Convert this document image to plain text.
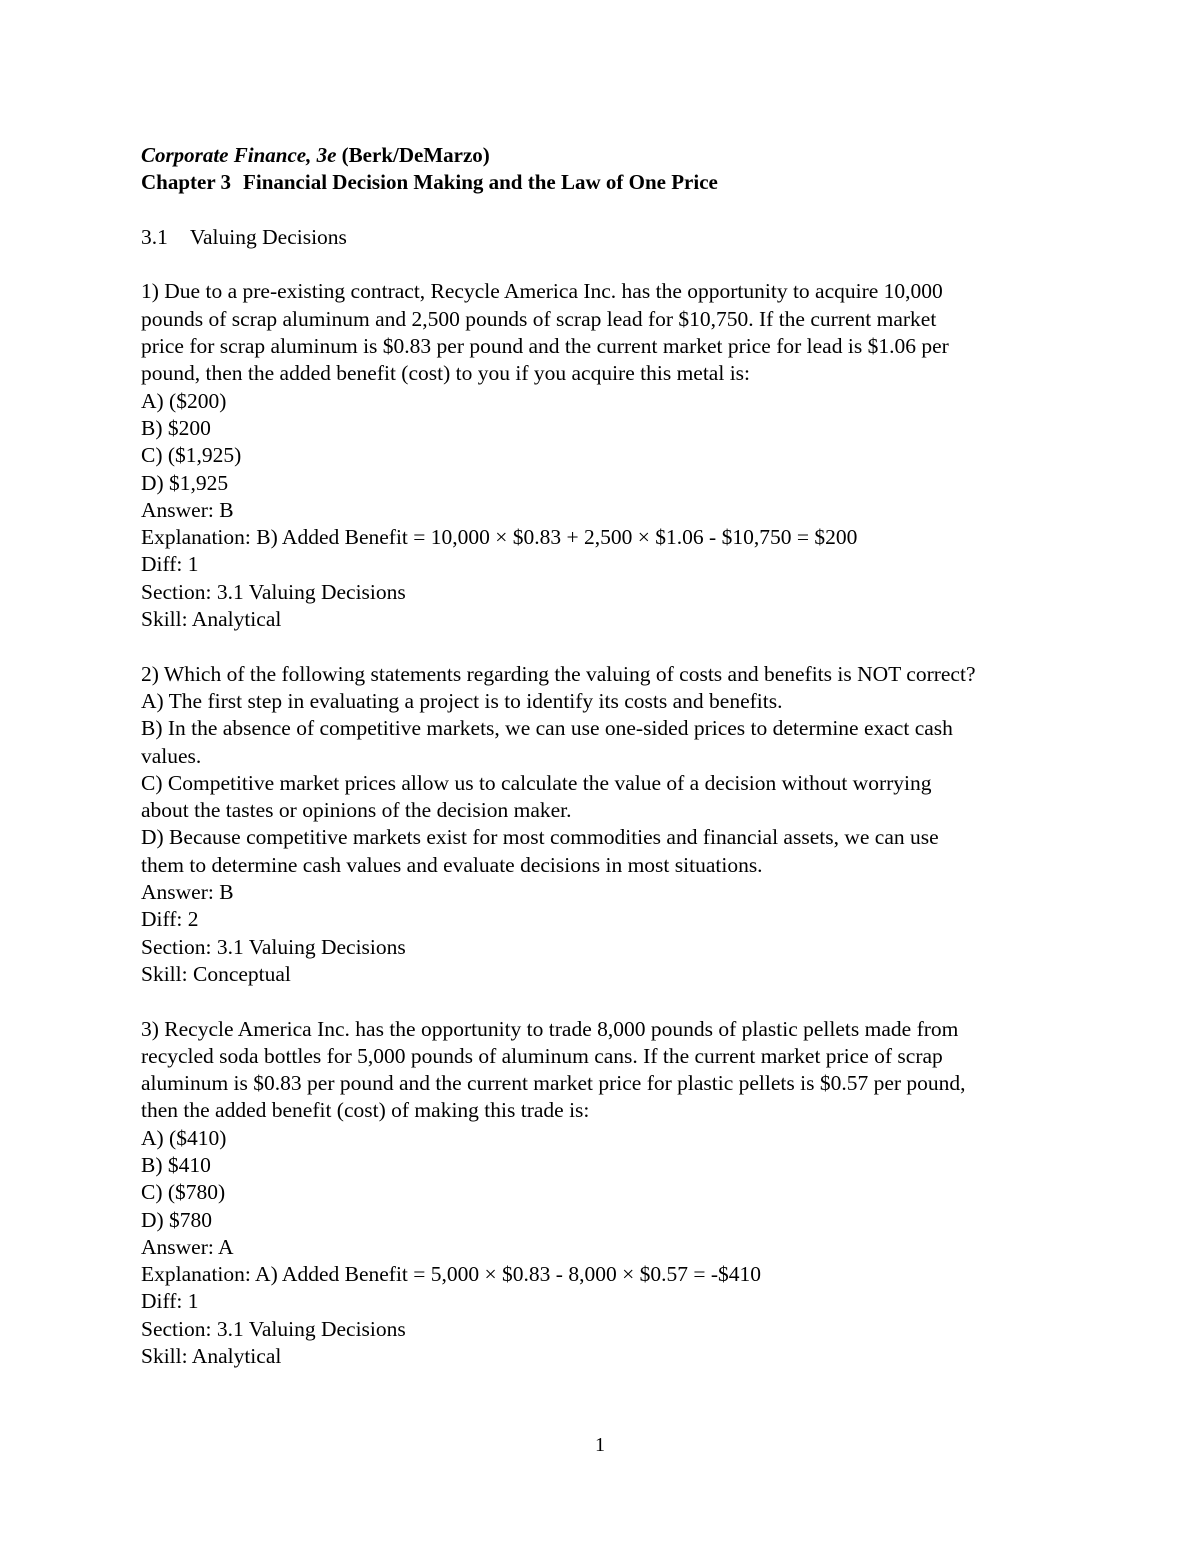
Corporate Finance, 3e (Berk/DeMarzo)
Chapter 3 Financial Decision Making and the Law of One Price
3.1 Valuing Decisions
1) Due to a pre-existing contract, Recycle America Inc. has the opportunity to acquire 10,000
pounds of scrap aluminum and 2,500 pounds of scrap lead for $10,750. If the current market
price for scrap aluminum is $0.83 per pound and the current market price for lead is $1.06 per
pound, then the added benefit (cost) to you if you acquire this metal is:
A) ($200)
B) $200
C) ($1,925)
D) $1,925
Answer: B
Explanation: B) Added Benefit = 10,000 × $0.83 + 2,500 × $1.06 - $10,750 = $200
Diff: 1
Section: 3.1 Valuing Decisions
Skill: Analytical
2) Which of the following statements regarding the valuing of costs and benefits is NOT correct?
A) The first step in evaluating a project is to identify its costs and benefits.
B) In the absence of competitive markets, we can use one-sided prices to determine exact cash
values.
C) Competitive market prices allow us to calculate the value of a decision without worrying
about the tastes or opinions of the decision maker.
D) Because competitive markets exist for most commodities and financial assets, we can use
them to determine cash values and evaluate decisions in most situations.
Answer: B
Diff: 2
Section: 3.1 Valuing Decisions
Skill: Conceptual
3) Recycle America Inc. has the opportunity to trade 8,000 pounds of plastic pellets made from
recycled soda bottles for 5,000 pounds of aluminum cans. If the current market price of scrap
aluminum is $0.83 per pound and the current market price for plastic pellets is $0.57 per pound,
then the added benefit (cost) of making this trade is:
A) ($410)
B) $410
C) ($780)
D) $780
Answer: A
Explanation: A) Added Benefit = 5,000 × $0.83 - 8,000 × $0.57 = -$410
Diff: 1
Section: 3.1 Valuing Decisions
Skill: Analytical
1
